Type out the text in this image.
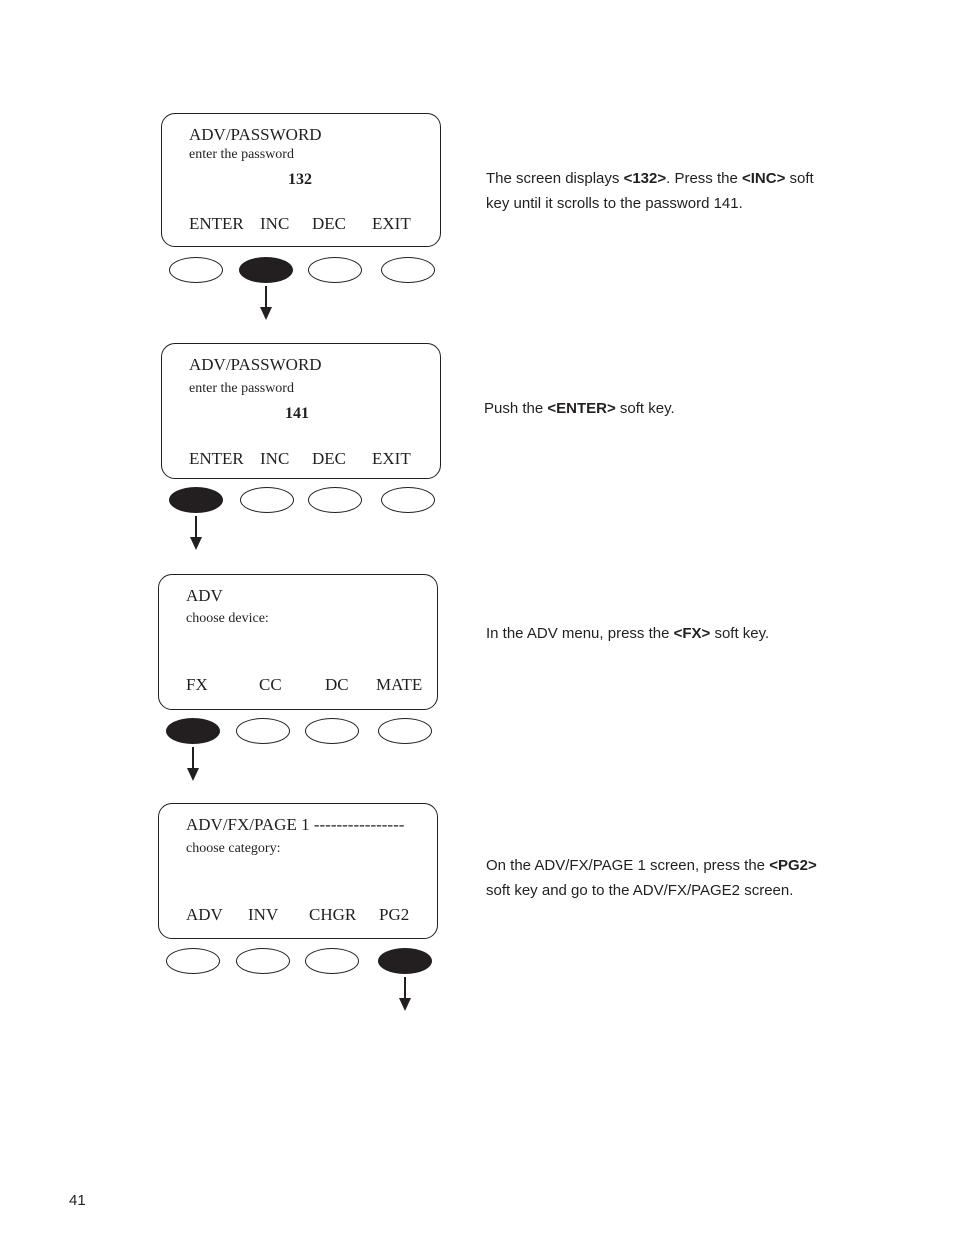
ADV/PASSWORD
enter the password
132
ENTER INC DEC EXIT
The screen displays <132>. Press the <INC> soft key until it scrolls to the password 141.
ADV/PASSWORD
enter the password
141
ENTER INC DEC EXIT
Push the <ENTER> soft key.
ADV
choose device:
FX	CC	DC MATE
In the ADV menu, press the <FX> soft key.
ADV/FX/PAGE 1 ----------------
choose category:
ADV INV CHGR PG2
On the ADV/FX/PAGE 1 screen, press the <PG2> soft key and go to the ADV/FX/PAGE2 screen.
41
